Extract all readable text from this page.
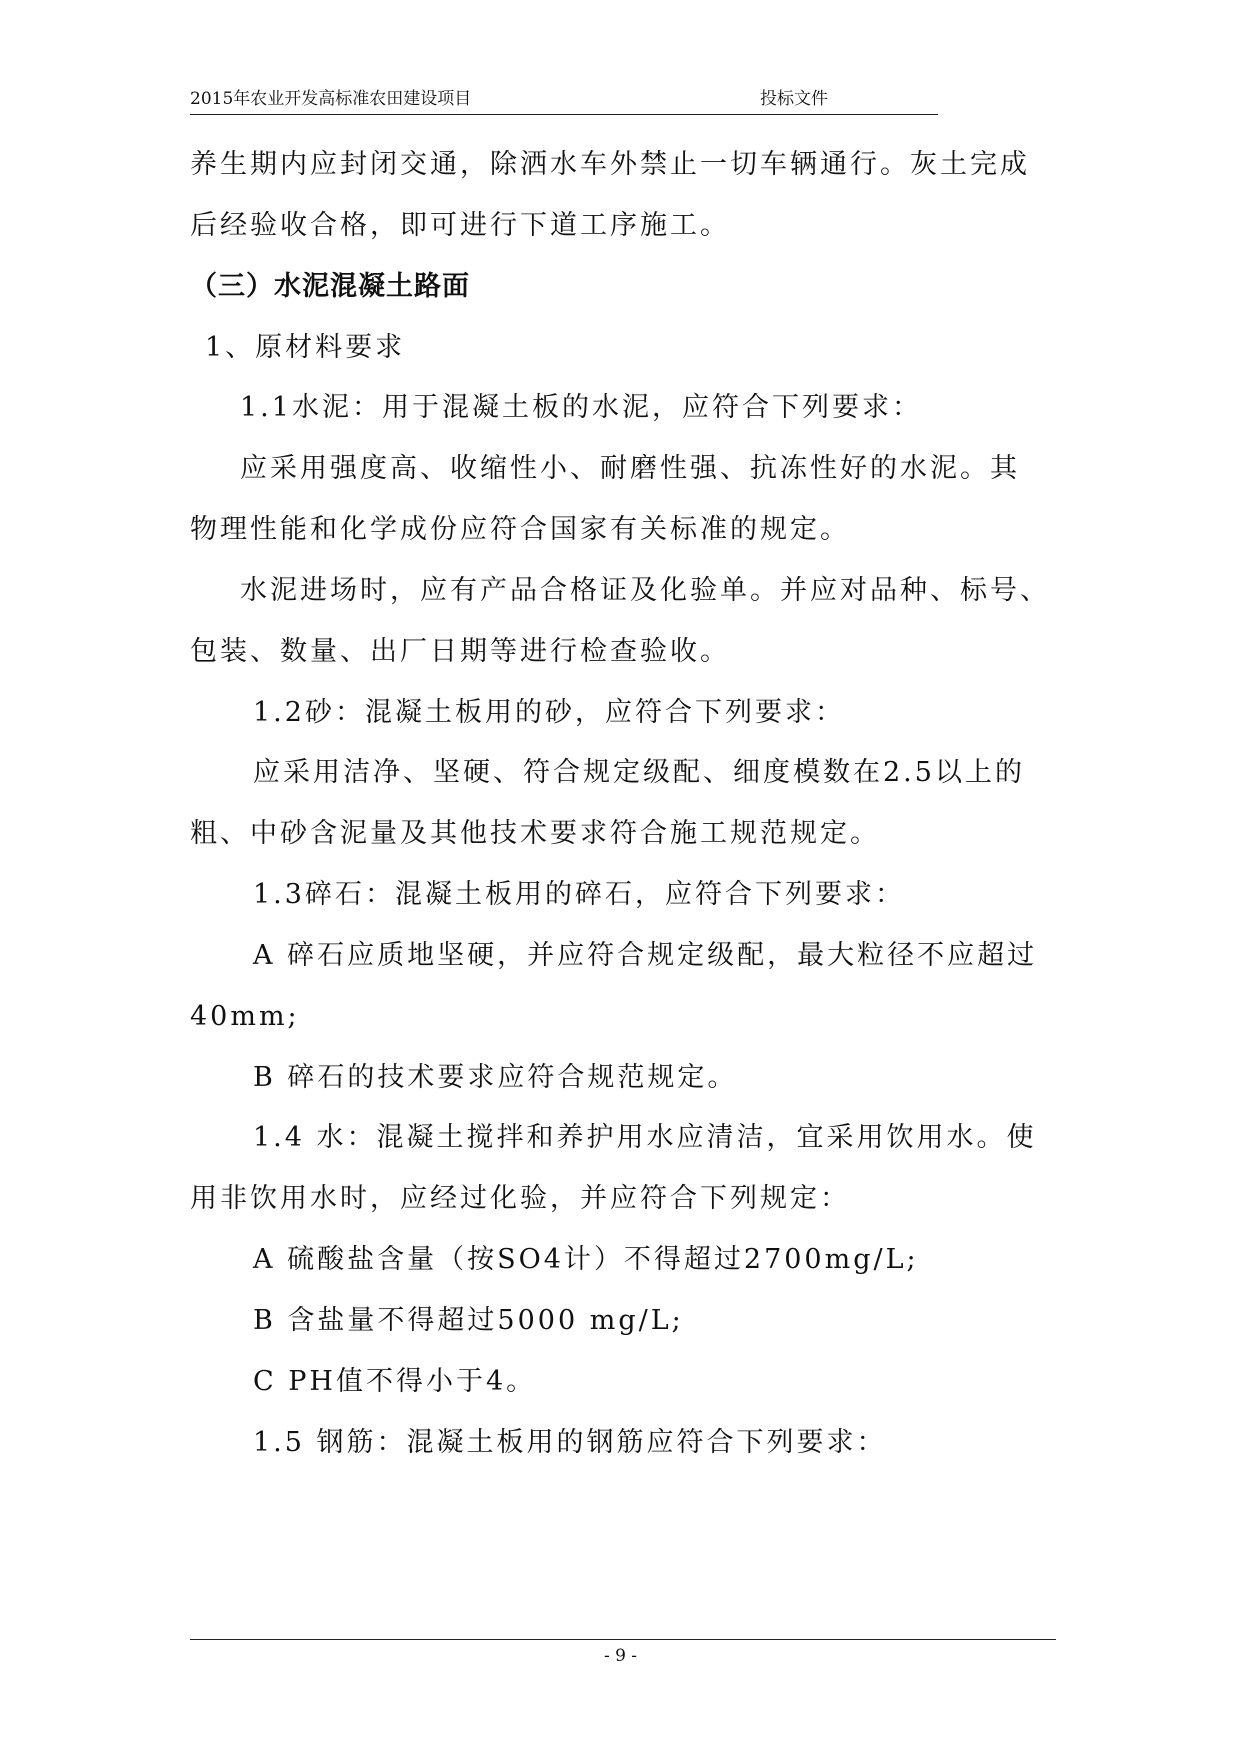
2015年农业开发高标准农田建设项目	投标文件
养生期内应封闭交通，除洒水车外禁止一切车辆通行。灰土完成
后经验收合格，即可进行下道工序施工。
（三）水泥混凝土路面
1、原材料要求
1.1水泥：用于混凝土板的水泥，应符合下列要求：
应采用强度高、收缩性小、耐磨性强、抗冻性好的水泥。其
物理性能和化学成份应符合国家有关标准的规定。
水泥进场时，应有产品合格证及化验单。并应对品种、标号、
包装、数量、出厂日期等进行检查验收。
1.2砂：混凝土板用的砂，应符合下列要求：
应采用洁净、坚硬、符合规定级配、细度模数在2.5以上的
粗、中砂含泥量及其他技术要求符合施工规范规定。
1.3碎石：混凝土板用的碎石，应符合下列要求：
A 碎石应质地坚硬，并应符合规定级配，最大粒径不应超过
40mm;
B 碎石的技术要求应符合规范规定。
1.4 水：混凝土搅拌和养护用水应清洁，宜采用饮用水。使
用非饮用水时，应经过化验，并应符合下列规定：
A 硫酸盐含量（按SO4计）不得超过2700mg/L;
B 含盐量不得超过5000 mg/L;
C PH值不得小于4。
1.5 钢筋：混凝土板用的钢筋应符合下列要求：
- 9 -
